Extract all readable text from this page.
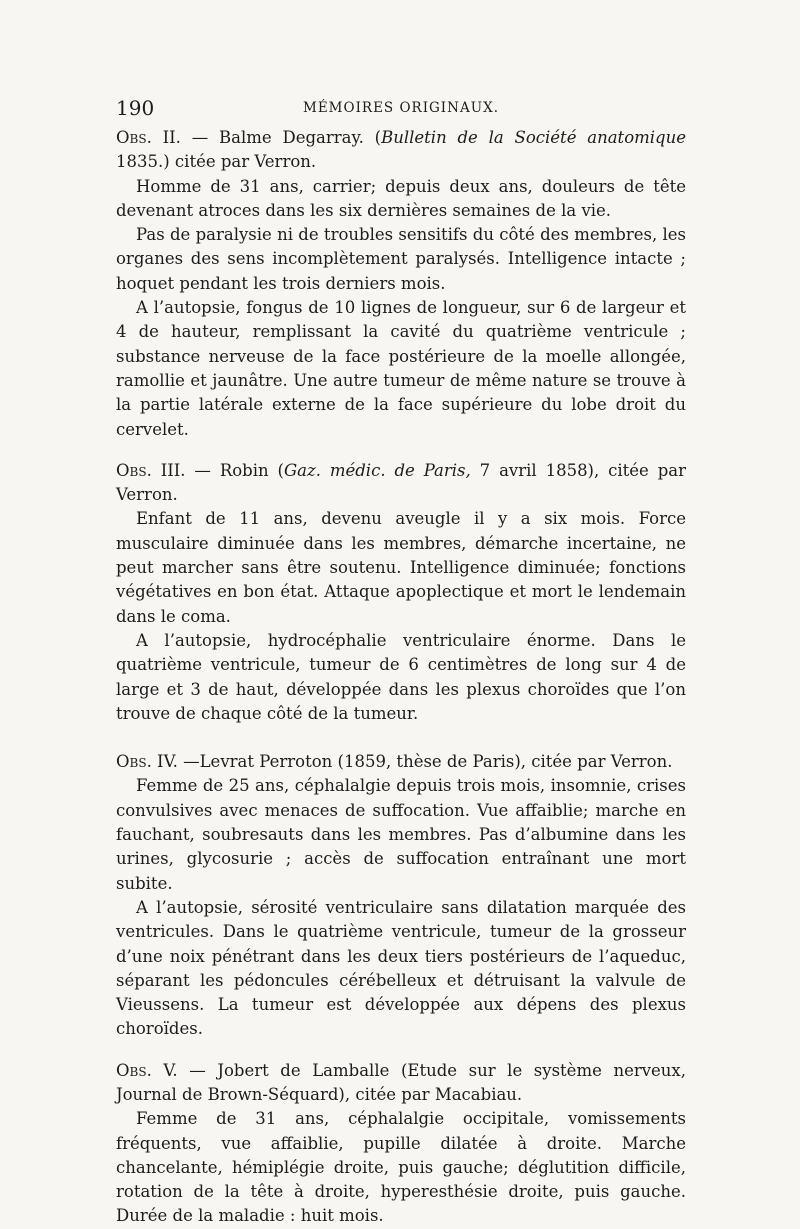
190	MÉMOIRES ORIGINAUX.

Obs. II. — Balme Degarray. (Bulletin de la Société anatomique 1835.) citée par Verron.

Homme de 31 ans, carrier; depuis deux ans, douleurs de tête devenant atroces dans les six dernières semaines de la vie.

Pas de paralysie ni de troubles sensitifs du côté des membres, les organes des sens incomplètement paralysés. Intelligence intacte ; hoquet pendant les trois derniers mois.

A l’autopsie, fongus de 10 lignes de longueur, sur 6 de largeur et 4 de hauteur, remplissant la cavité du quatrième ventricule ; substance nerveuse de la face postérieure de la moelle allongée, ramollie et jaunâtre. Une autre tumeur de même nature se trouve à la partie latérale externe de la face supérieure du lobe droit du cervelet.

Obs. III. — Robin (Gaz. médic. de Paris, 7 avril 1858), citée par Verron.

Enfant de 11 ans, devenu aveugle il y a six mois. Force musculaire diminuée dans les membres, démarche incertaine, ne peut marcher sans être soutenu. Intelligence diminuée; fonctions végétatives en bon état. Attaque apoplectique et mort le lendemain dans le coma.

A l’autopsie, hydrocéphalie ventriculaire énorme. Dans le quatrième ventricule, tumeur de 6 centimètres de long sur 4 de large et 3 de haut, développée dans les plexus choroïdes que l’on trouve de chaque côté de la tumeur.

Obs. IV. —Levrat Perroton (1859, thèse de Paris), citée par Verron.

Femme de 25 ans, céphalalgie depuis trois mois, insomnie, crises convulsives avec menaces de suffocation. Vue affaiblie; marche en fauchant, soubresauts dans les membres. Pas d’albumine dans les urines, glycosurie ; accès de suffocation entraînant une mort subite.

A l’autopsie, sérosité ventriculaire sans dilatation marquée des ventricules. Dans le quatrième ventricule, tumeur de la grosseur d’une noix pénétrant dans les deux tiers postérieurs de l’aqueduc, séparant les pédoncules cérébelleux et détruisant la valvule de Vieussens. La tumeur est développée aux dépens des plexus choroïdes.

Obs. V. — Jobert de Lamballe (Etude sur le système nerveux, Journal de Brown-Séquard), citée par Macabiau.

Femme de 31 ans, céphalalgie occipitale, vomissements fréquents, vue affaiblie, pupille dilatée à droite. Marche chancelante, hémiplégie droite, puis gauche; déglutition difficile, rotation de la tête à droite, hyperesthésie droite, puis gauche. Durée de la maladie : huit mois.
